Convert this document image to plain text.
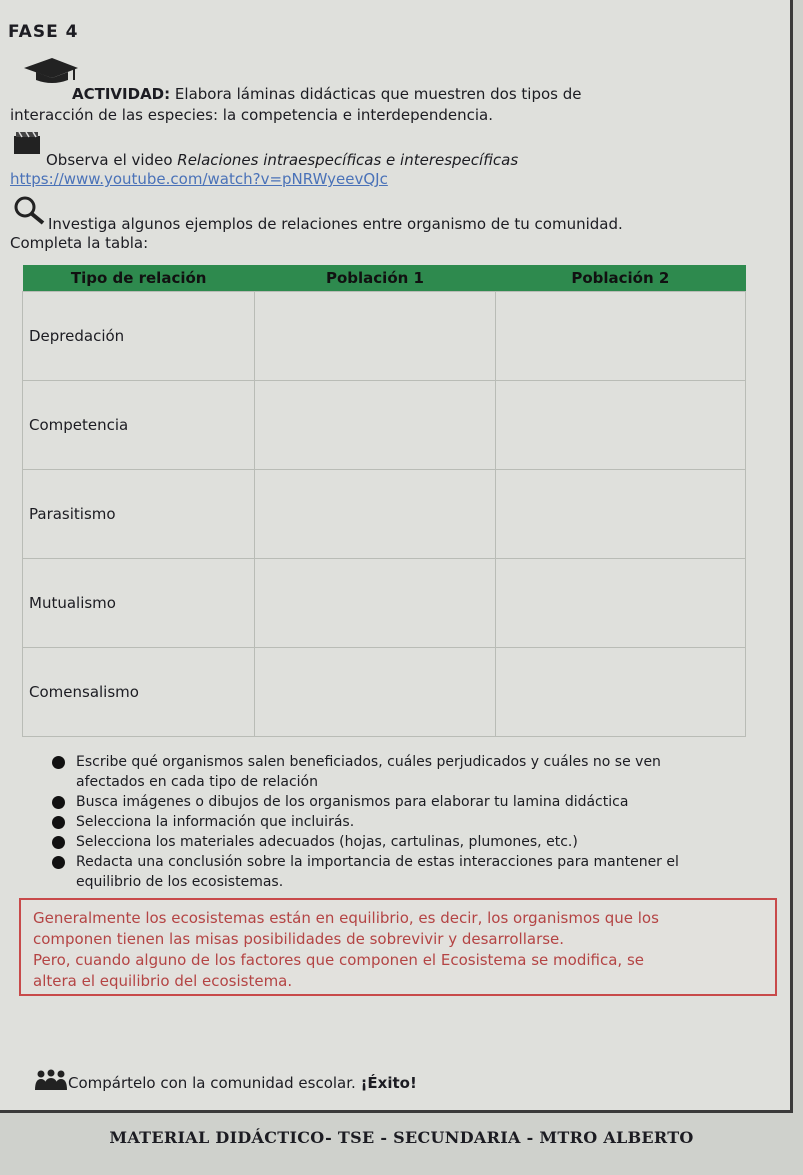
FASE 4
ACTIVIDAD: Elabora láminas didácticas que muestren dos tipos de
interacción de las especies: la competencia e interdependencia.
Observa el video Relaciones intraespecíficas e interespecíficas
https://www.youtube.com/watch?v=pNRWyeevQJc
Investiga algunos ejemplos de relaciones entre organismo de tu comunidad.
Completa la tabla:
Tipo de relación	Población 1	Población 2
Depredación		
Competencia		
Parasitismo		
Mutualismo		
Comensalismo		
Escribe qué organismos salen beneficiados, cuáles perjudicados y cuáles no se ven
afectados en cada tipo de relación
Busca imágenes o dibujos de los organismos para elaborar tu lamina didáctica
Selecciona la información que incluirás.
Selecciona los materiales adecuados (hojas, cartulinas, plumones, etc.)
Redacta una conclusión sobre la importancia de estas interacciones para mantener el
equilibrio de los ecosistemas.
Generalmente los ecosistemas están en equilibrio, es decir, los organismos que los
componen tienen las misas posibilidades de sobrevivir y desarrollarse.
Pero, cuando alguno de los factores que componen el Ecosistema se modifica, se
altera el equilibrio del ecosistema.
Compártelo con la comunidad escolar. ¡Éxito!
MATERIAL DIDÁCTICO- TSE - SECUNDARIA - MTRO ALBERTO
